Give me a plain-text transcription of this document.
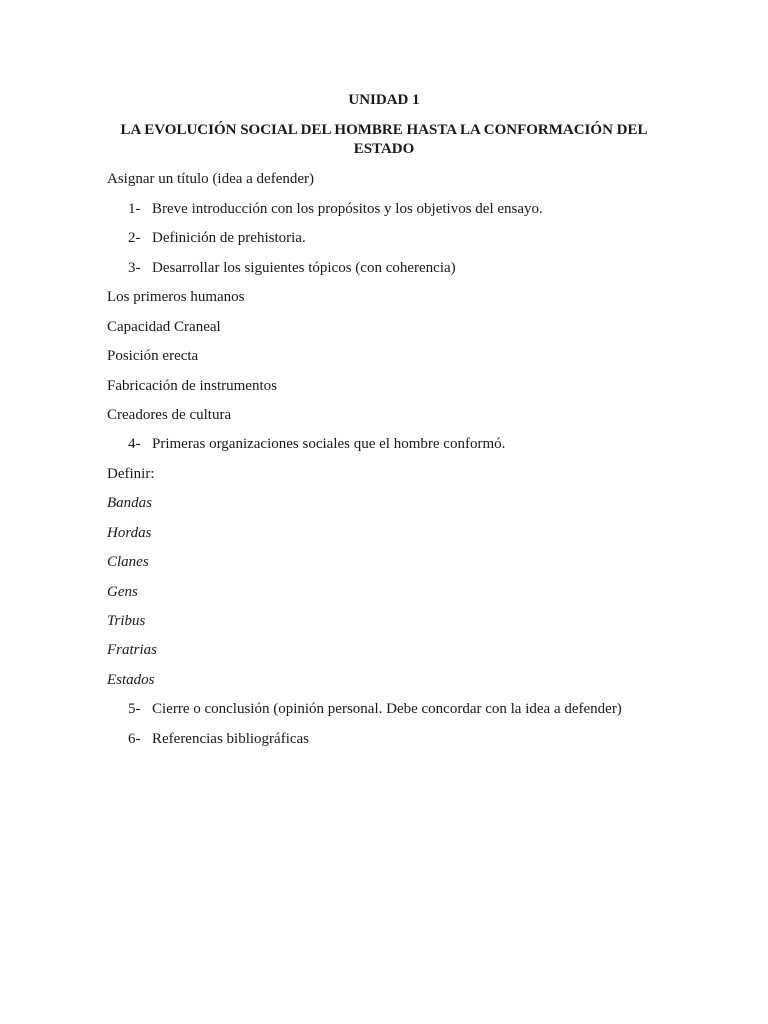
UNIDAD 1
LA EVOLUCIÓN SOCIAL DEL HOMBRE HASTA LA CONFORMACIÓN DEL ESTADO
Asignar un título (idea a defender)
1- Breve introducción con los propósitos y los objetivos del ensayo.
2- Definición de prehistoria.
3- Desarrollar los siguientes tópicos (con coherencia)
Los primeros humanos
Capacidad Craneal
Posición erecta
Fabricación de instrumentos
Creadores de cultura
4- Primeras organizaciones sociales que el hombre conformó.
Definir:
Bandas
Hordas
Clanes
Gens
Tribus
Fratrias
Estados
5- Cierre o conclusión (opinión personal. Debe concordar con la idea a defender)
6- Referencias bibliográficas
